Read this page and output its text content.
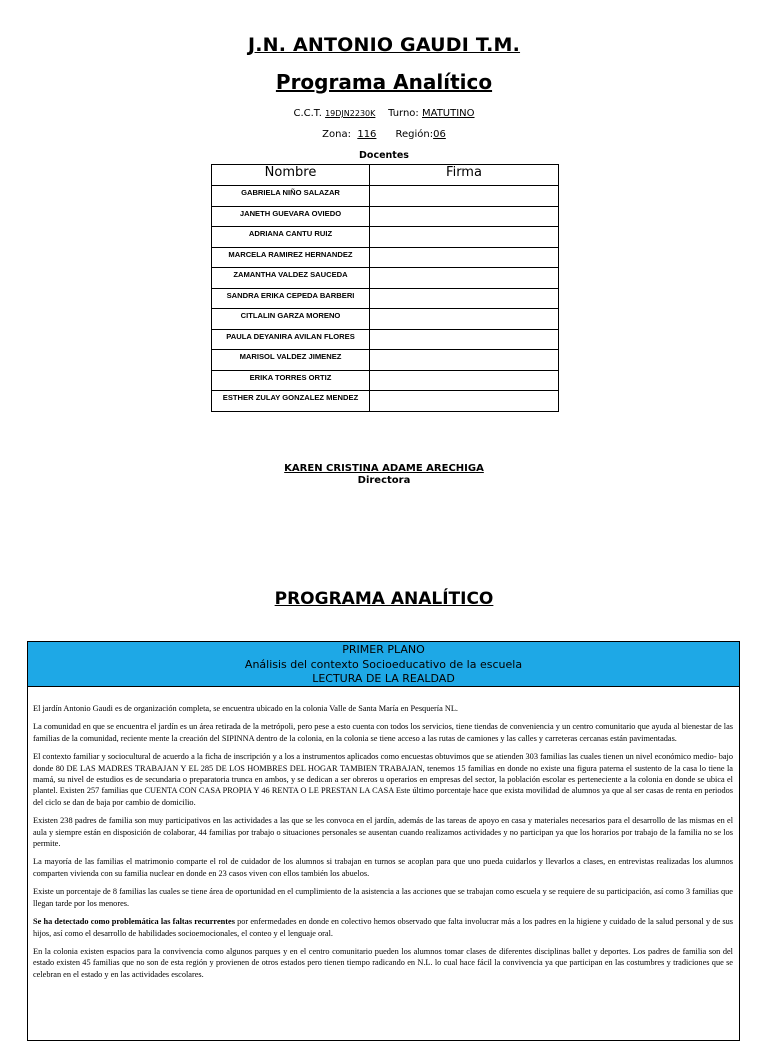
J.N. ANTONIO GAUDI T.M.
Programa Analítico
C.C.T. 19DJN2230K Turno: MATUTINO
Zona: 116 Región:06
Docentes
Nombre	Firma
GABRIELA NIÑO SALAZAR	
JANETH GUEVARA OVIEDO	
ADRIANA CANTU RUIZ	
MARCELA RAMIREZ HERNANDEZ	
ZAMANTHA VALDEZ SAUCEDA	
SANDRA ERIKA CEPEDA BARBERI	
CITLALIN GARZA MORENO	
PAULA DEYANIRA AVILAN FLORES	
MARISOL VALDEZ JIMENEZ	
ERIKA TORRES ORTIZ	
ESTHER ZULAY GONZALEZ MENDEZ	
KAREN CRISTINA ADAME ARECHIGA
Directora
PROGRAMA ANALÍTICO
PRIMER PLANO
Análisis del contexto Socioeducativo de la escuela
LECTURA DE LA REALDAD

El jardín Antonio Gaudi es de organización completa, se encuentra ubicado en la colonia Valle de Santa María en Pesquería NL.

La comunidad en que se encuentra el jardín es un área retirada de la metrópoli, pero pese a esto cuenta con todos los servicios, tiene tiendas de conveniencia y un centro comunitario que ayuda al bienestar de las familias de la comunidad, reciente mente la creación del SIPINNA dentro de la colonia, en la colonia se tiene acceso a las rutas de camiones y las calles y carreteras cercanas están pavimentadas.

El contexto familiar y sociocultural de acuerdo a la ficha de inscripción y a los a instrumentos aplicados como encuestas obtuvimos que se atienden 303 familias las cuales tienen un nivel económico medio- bajo donde 80 DE LAS MADRES TRABAJAN Y EL 285 DE LOS HOMBRES DEL HOGAR TAMBIEN TRABAJAN, tenemos 15 familias en donde no existe una figura paterna el sustento de la casa lo tiene la mamá, su nivel de estudios es de secundaria o preparatoria trunca en ambos, y se dedican a ser obreros u operarios en empresas del sector, la población escolar es perteneciente a la colonia en donde se ubica el plantel. Existen 257 familias que CUENTA CON CASA PROPIA Y 46 RENTA O LE PRESTAN LA CASA Este último porcentaje hace que exista movilidad de alumnos ya que al ser casas de renta en periodos del ciclo se dan de baja por cambio de domicilio.

Existen 238 padres de familia son muy participativos en las actividades a las que se les convoca en el jardín, además de las tareas de apoyo en casa y materiales necesarios para el desarrollo de las mismas en el aula y siempre están en disposición de colaborar, 44 familias por trabajo o situaciones personales se ausentan cuando realizamos actividades y no participan ya que los horarios por trabajo de la familia no se los permite.

La mayoría de las familias el matrimonio comparte el rol de cuidador de los alumnos si trabajan en turnos se acoplan para que uno pueda cuidarlos y llevarlos a clases, en entrevistas realizadas los alumnos comparten vivienda con su familia nuclear en donde en 23 casos viven con ellos también los abuelos.

Existe un porcentaje de 8 familias las cuales se tiene área de oportunidad en el cumplimiento de la asistencia a las acciones que se trabajan como escuela y se requiere de su participación, así como 3 familias que llegan tarde por los menores.

Se ha detectado como problemática las faltas recurrentes por enfermedades en donde en colectivo hemos observado que falta involucrar más a los padres en la higiene y cuidado de la salud personal y de sus hijos, así como el desarrollo de habilidades socioemocionales, el conteo y el lenguaje oral.

En la colonia existen espacios para la convivencia como algunos parques y en el centro comunitario pueden los alumnos tomar clases de diferentes disciplinas ballet y deportes. Los padres de familia son del estado existen 45 familias que no son de esta región y provienen de otros estados pero tienen tiempo radicando en N.L. lo cual hace fácil la convivencia ya que participan en las costumbres y tradiciones que se celebran en el estado y en las actividades escolares.
